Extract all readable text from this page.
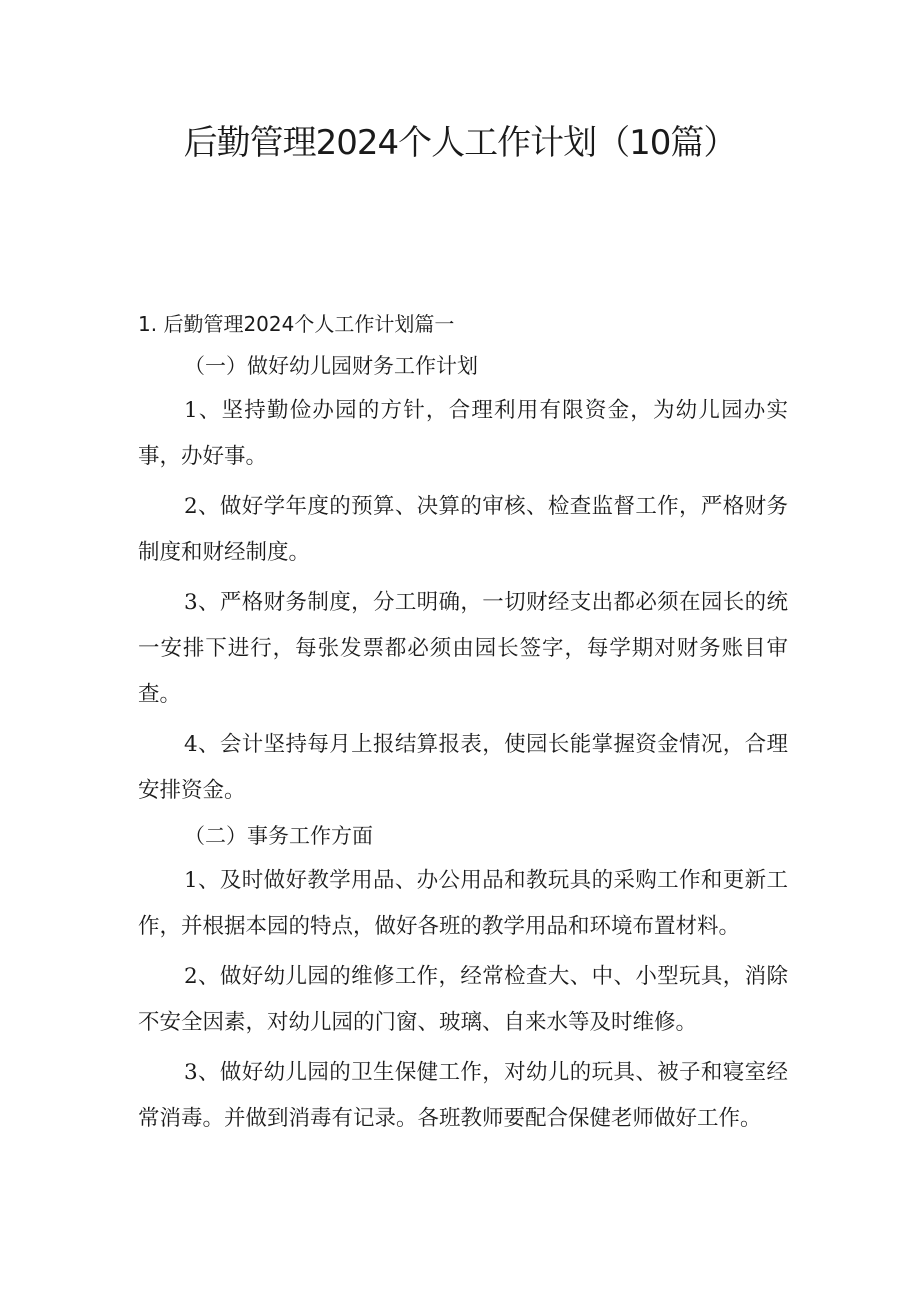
后勤管理2024个人工作计划（10篇）

1. 后勤管理2024个人工作计划篇一

（一）做好幼儿园财务工作计划

1、坚持勤俭办园的方针，合理利用有限资金，为幼儿园办实事，办好事。

2、做好学年度的预算、决算的审核、检查监督工作，严格财务制度和财经制度。

3、严格财务制度，分工明确，一切财经支出都必须在园长的统一安排下进行，每张发票都必须由园长签字，每学期对财务账目审查。

4、会计坚持每月上报结算报表，使园长能掌握资金情况，合理安排资金。

（二）事务工作方面

1、及时做好教学用品、办公用品和教玩具的采购工作和更新工作，并根据本园的特点，做好各班的教学用品和环境布置材料。

2、做好幼儿园的维修工作，经常检查大、中、小型玩具，消除不安全因素，对幼儿园的门窗、玻璃、自来水等及时维修。

3、做好幼儿园的卫生保健工作，对幼儿的玩具、被子和寝室经常消毒。并做到消毒有记录。各班教师要配合保健老师做好工作。
